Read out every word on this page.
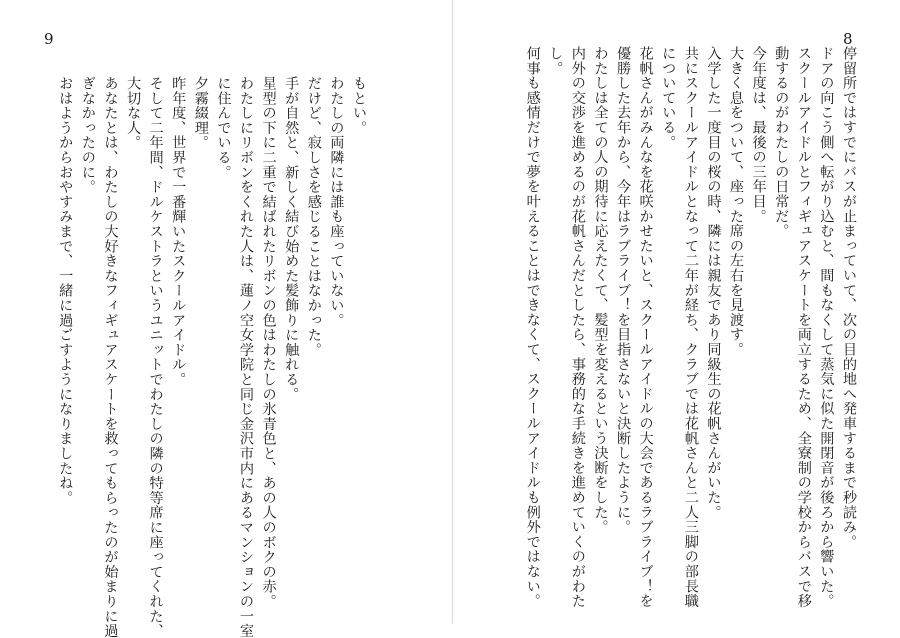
9	8
停留所ではすでにバスが止まっていて、次の目的地へ発車するまで秒読み。
ドアの向こう側へ転がり込むと、間もなくして蒸気に似た開閉音が後ろから響いた。
スクールアイドルとフィギュアスケートを両立するため、全寮制の学校からバスで移
動するのがわたしの日常だ。
今年度は、最後の三年目。
大きく息をついて、座った席の左右を見渡す。
入学した一度目の桜の時、隣には親友であり同級生の花帆さんがいた。
共にスクールアイドルとなって二年が経ち、クラブでは花帆さんと二人三脚の部長職
についている。
花帆さんがみんなを花咲かせたいと、スクールアイドルの大会であるラブライブ！を
優勝した去年から、今年はラブライブ！を目指さないと決断したように。
わたしは全ての人の期待に応えたくて、髪型を変えるという決断をした。
内外の交渉を進めるのが花帆さんだとしたら、事務的な手続きを進めていくのがわた
し。
何事も感情だけで夢を叶えることはできなくて、スクールアイドルも例外ではない。
もとい。
わたしの両隣には誰も座っていない。
だけど、寂しさを感じることはなかった。
手が自然と、新しく結び始めた髪飾りに触れる。
星型の下に二重で結ばれたリボンの色はわたしの氷青色と、あの人のボクの赤。
わたしにリボンをくれた人は、蓮ノ空女学院と同じ金沢市内にあるマンションの一室
に住んでいる。
夕霧綴理。
昨年度、世界で一番輝いたスクールアイドル。
そして二年間、ドルケストラというユニットでわたしの隣の特等席に座ってくれた、
大切な人。
あなたとは、わたしの大好きなフィギュアスケートを救ってもらったのが始まりに過
ぎなかったのに。
おはようからおやすみまで、一緒に過ごすようになりましたね。
